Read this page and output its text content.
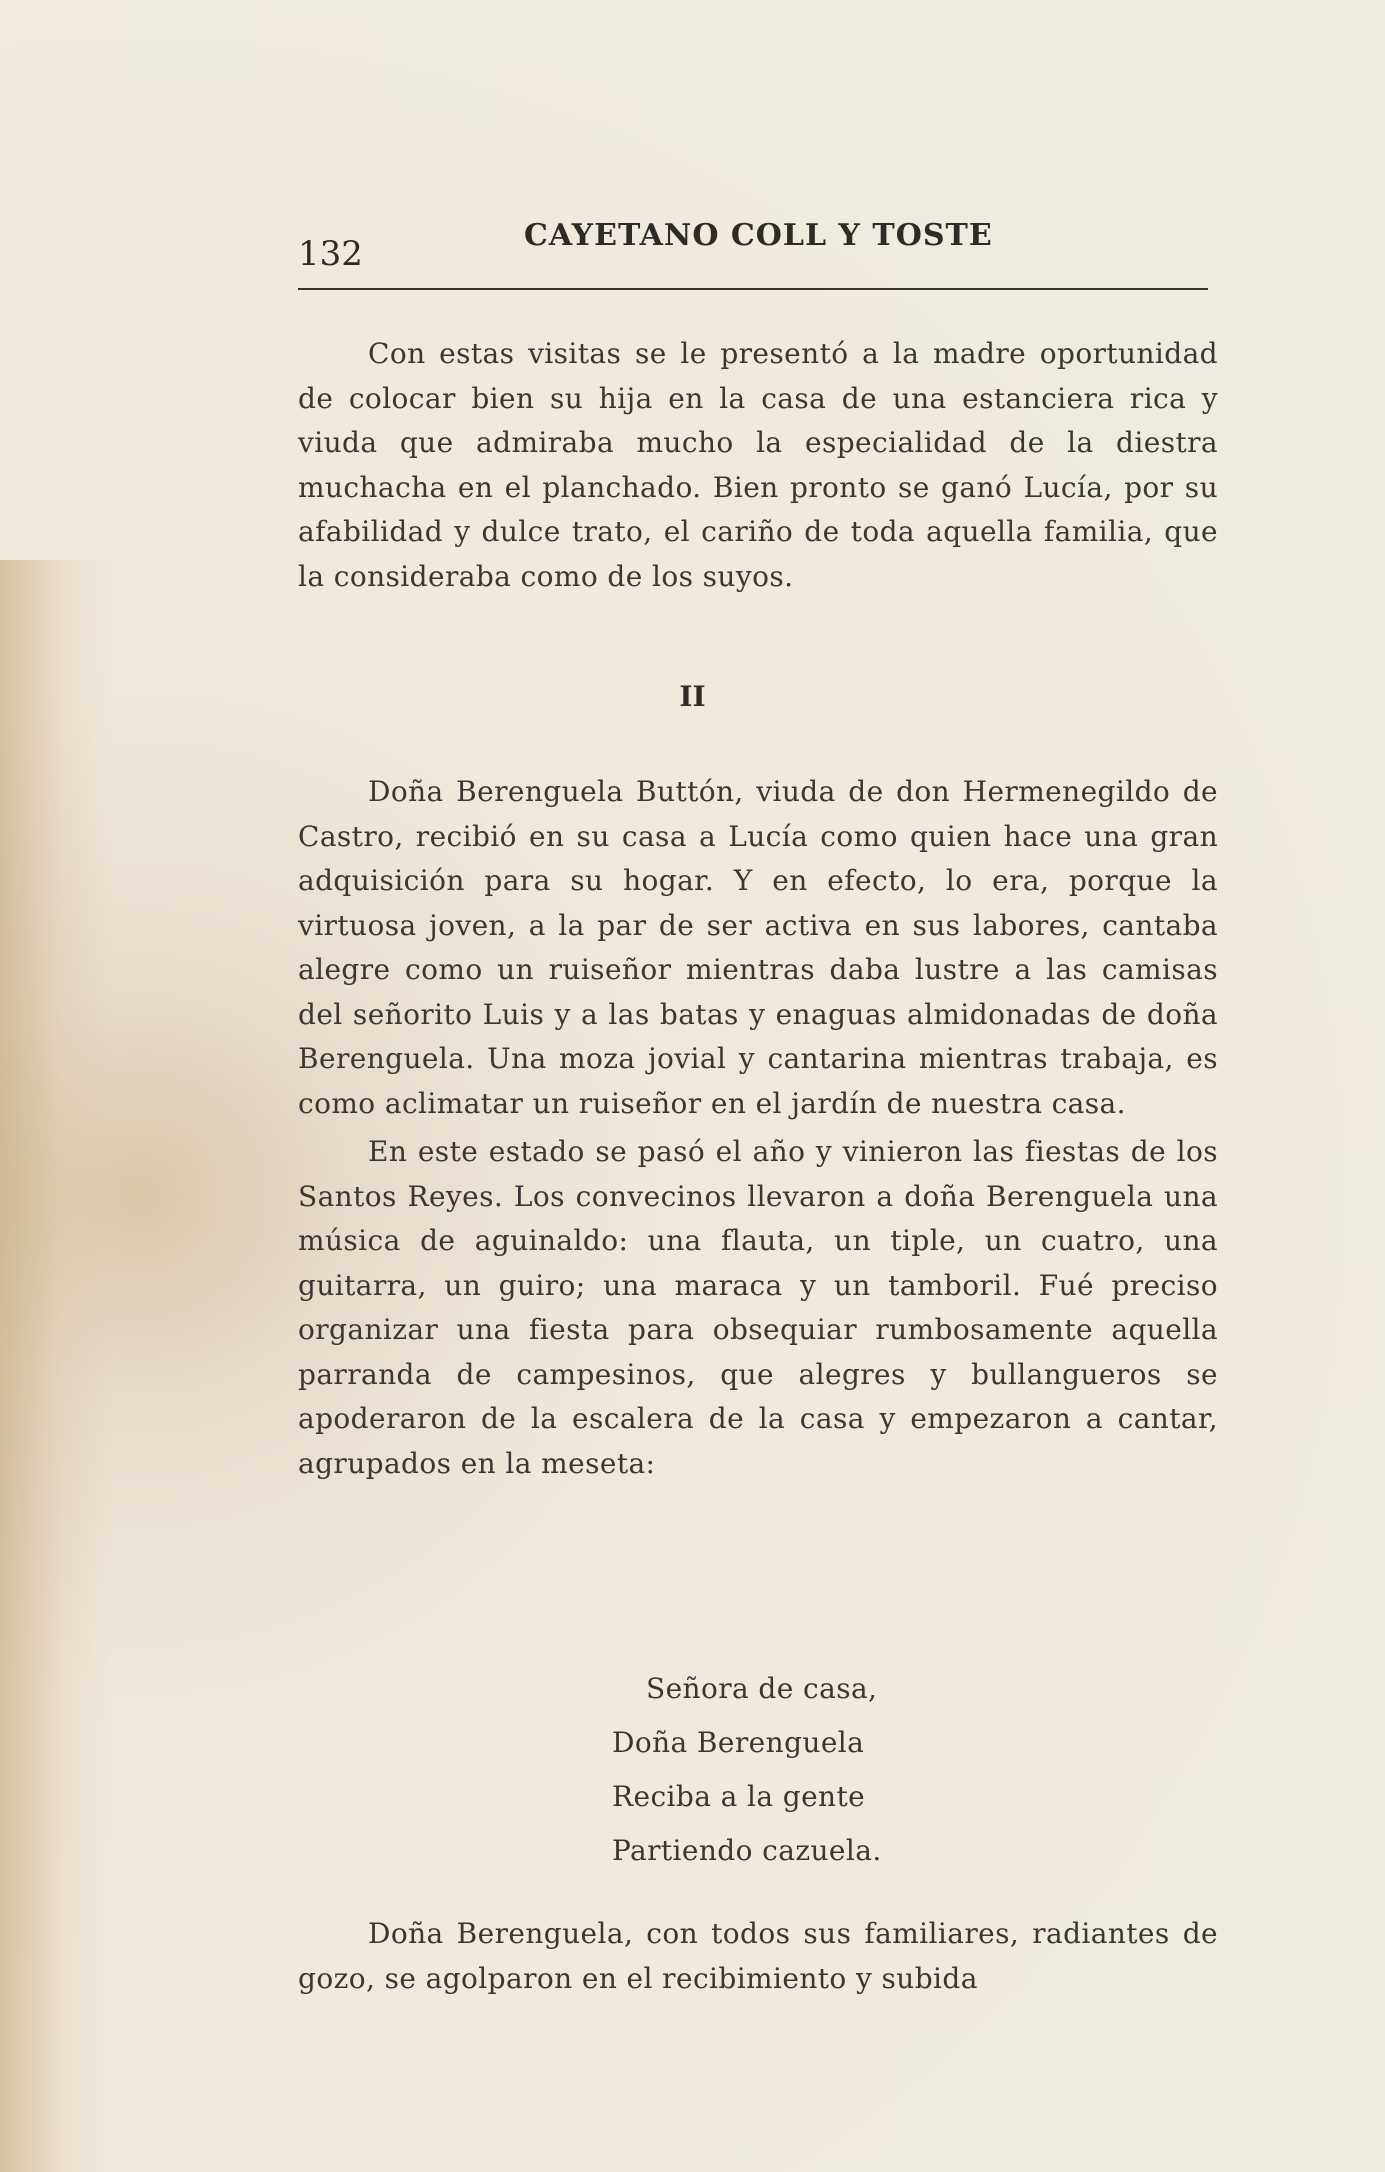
132	CAYETANO COLL Y TOSTE

Con estas visitas se le presentó a la madre oportunidad de colocar bien su hija en la casa de una estanciera rica y viuda que admiraba mucho la especialidad de la diestra muchacha en el planchado. Bien pronto se ganó Lucía, por su afabilidad y dulce trato, el cariño de toda aquella familia, que la consideraba como de los suyos.

II

Doña Berenguela Buttón, viuda de don Hermenegildo de Castro, recibió en su casa a Lucía como quien hace una gran adquisición para su hogar. Y en efecto, lo era, porque la virtuosa joven, a la par de ser activa en sus labores, cantaba alegre como un ruiseñor mientras daba lustre a las camisas del señorito Luis y a las batas y enaguas almidonadas de doña Berenguela. Una moza jovial y cantarina mientras trabaja, es como aclimatar un ruiseñor en el jardín de nuestra casa.

En este estado se pasó el año y vinieron las fiestas de los Santos Reyes. Los convecinos llevaron a doña Berenguela una música de aguinaldo: una flauta, un tiple, un cuatro, una guitarra, un guiro; una maraca y un tamboril. Fué preciso organizar una fiesta para obsequiar rumbosamente aquella parranda de campesinos, que alegres y bullangueros se apoderaron de la escalera de la casa y empezaron a cantar, agrupados en la meseta:

Señora de casa,
Doña Berenguela
Reciba a la gente
Partiendo cazuela.

Doña Berenguela, con todos sus familiares, radiantes de gozo, se agolparon en el recibimiento y subida
